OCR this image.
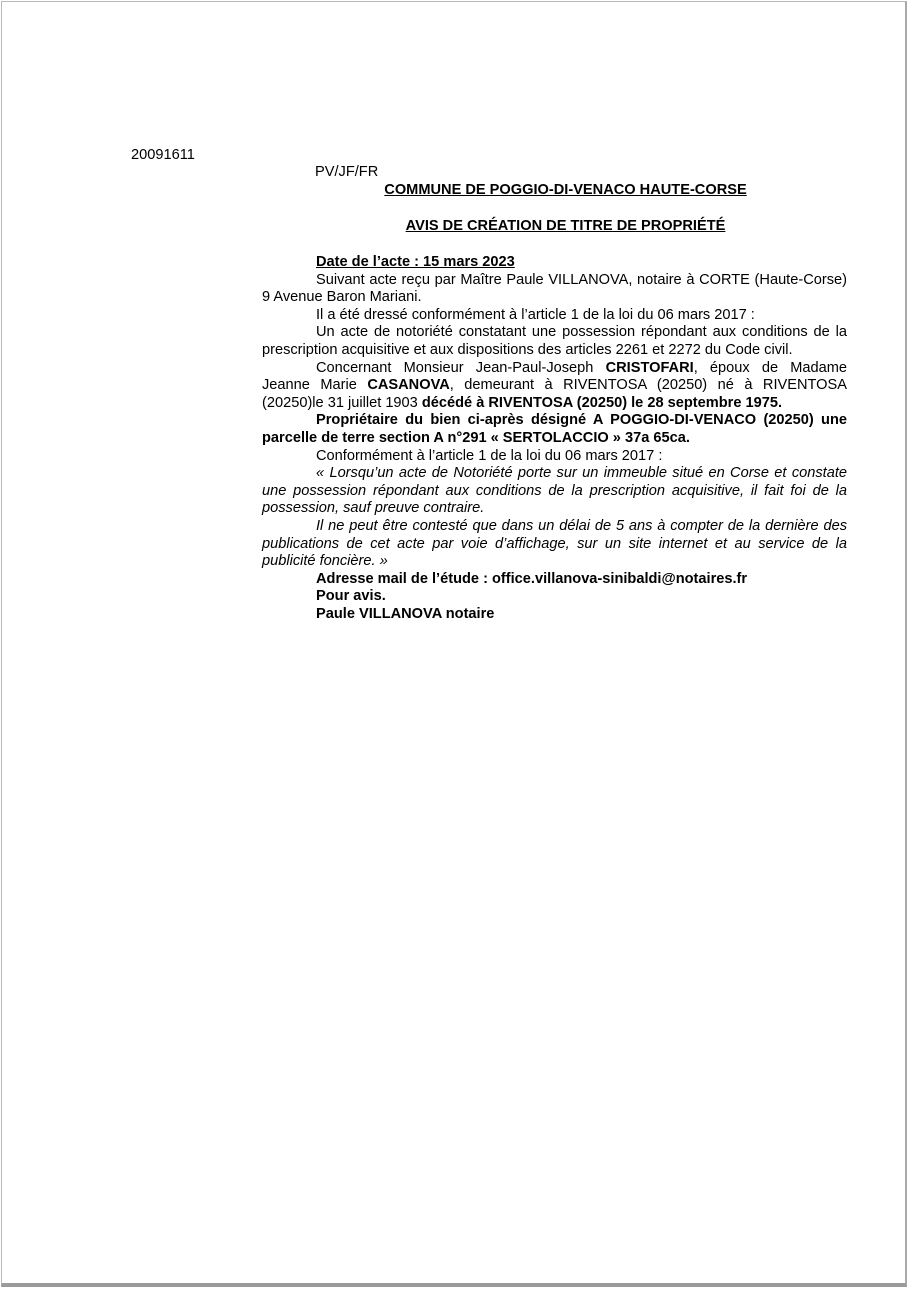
20091611
PV/JF/FR
COMMUNE DE POGGIO-DI-VENACO HAUTE-CORSE
AVIS DE CRÉATION DE TITRE DE PROPRIÉTÉ

Date de l’acte : 15 mars 2023

Suivant acte reçu par Maître Paule VILLANOVA, notaire à CORTE (Haute-Corse) 9 Avenue Baron Mariani.

Il a été dressé conformément à l’article 1 de la loi du 06 mars 2017 :

Un acte de notoriété constatant une possession répondant aux conditions de la prescription acquisitive et aux dispositions des articles 2261 et 2272 du Code civil.

Concernant Monsieur Jean-Paul-Joseph CRISTOFARI, époux de Madame Jeanne Marie CASANOVA, demeurant à RIVENTOSA (20250) né à RIVENTOSA (20250)le 31 juillet 1903 décédé à RIVENTOSA (20250) le 28 septembre 1975.

Propriétaire du bien ci-après désigné A POGGIO-DI-VENACO (20250) une parcelle de terre section A n°291 « SERTOLACCIO » 37a 65ca.

Conformément à l’article 1 de la loi du 06 mars 2017 :

« Lorsqu’un acte de Notoriété porte sur un immeuble situé en Corse et constate une possession répondant aux conditions de la prescription acquisitive, il fait foi de la possession, sauf preuve contraire.

Il ne peut être contesté que dans un délai de 5 ans à compter de la dernière des publications de cet acte par voie d’affichage, sur un site internet et au service de la publicité foncière. »

Adresse mail de l’étude : office.villanova-sinibaldi@notaires.fr

Pour avis.

Paule VILLANOVA notaire
